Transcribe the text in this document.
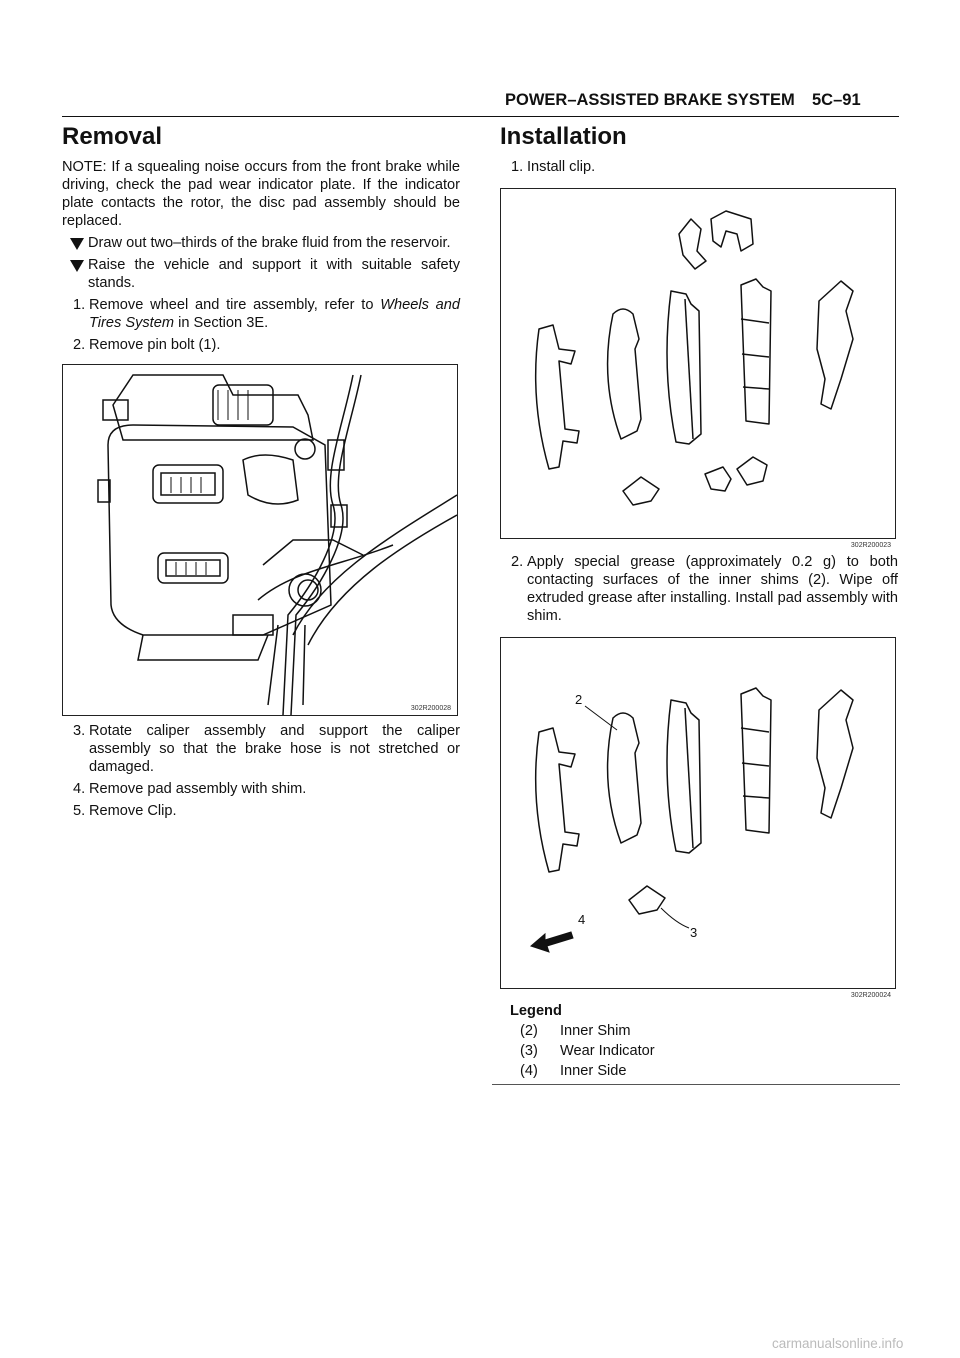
POWER–ASSISTED BRAKE SYSTEM 5C–91
Removal

NOTE: If a squealing noise occurs from the front brake while driving, check the pad wear indicator plate. If the indicator plate contacts the rotor, the disc pad assembly should be replaced.

Draw out two–thirds of the brake fluid from the reservoir.
Raise the vehicle and support it with suitable safety stands.
1. Remove wheel and tire assembly, refer to Wheels and Tires System in Section 3E.
2. Remove pin bolt (1).
302R200028
3. Rotate caliper assembly and support the caliper assembly so that the brake hose is not stretched or damaged.
4. Remove pad assembly with shim.
5. Remove Clip.
Installation
1. Install clip.
302R200023
2. Apply special grease (approximately 0.2 g) to both contacting surfaces of the inner shims (2). Wipe off extruded grease after installing. Install pad assembly with shim.
2
3
4
302R200024
Legend
(2) Inner Shim
(3) Wear Indicator
(4) Inner Side
carmanualsonline.info
